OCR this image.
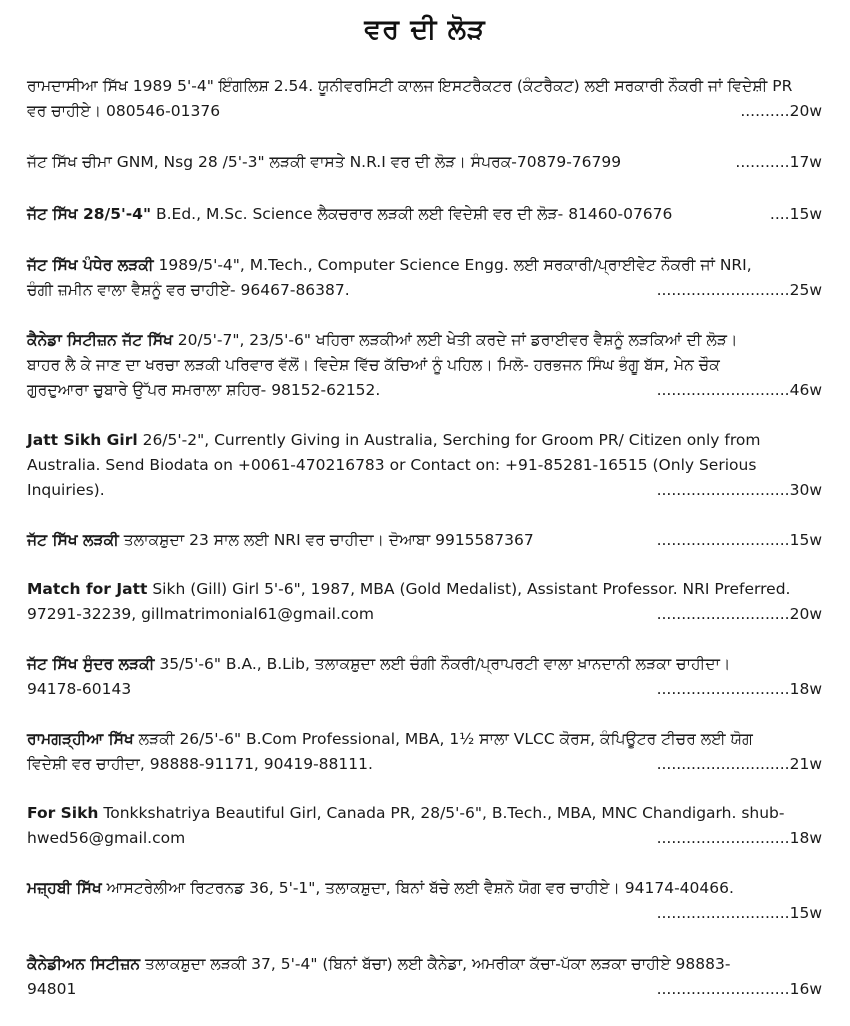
ਵਰ ਦੀ ਲੋੜ
ਰਾਮਦਾਸੀਆ ਸਿੱਖ 1989 5'-4" ਇੰਗਲਿਸ਼ 2.54. ਯੂਨੀਵਰਸਿਟੀ ਕਾਲਜ ਇਸਟਰੈਕਟਰ (ਕੰਟਰੈਕਟ) ਲਈ ਸਰਕਾਰੀ ਨੌਕਰੀ ਜਾਂ ਵਿਦੇਸ਼ੀ PR
ਵਰ ਚਾਹੀਏ। 080546-01376	..........20w
ਜੱਟ ਸਿੱਖ ਚੀਮਾ GNM, Nsg 28 /5'-3" ਲੜਕੀ ਵਾਸਤੇ N.R.I ਵਰ ਦੀ ਲੋੜ। ਸੰਪਰਕ-70879-76799	...........17w
ਜੱਟ ਸਿੱਖ 28/5'-4" B.Ed., M.Sc. Science ਲੈਕਚਰਾਰ ਲੜਕੀ ਲਈ ਵਿਦੇਸ਼ੀ ਵਰ ਦੀ ਲੋੜ- 81460-07676	....15w
ਜੱਟ ਸਿੱਖ ਪੰਧੇਰ ਲੜਕੀ 1989/5'-4", M.Tech., Computer Science Engg. ਲਈ ਸਰਕਾਰੀ/ਪ੍ਰਾਈਵੇਟ ਨੌਕਰੀ ਜਾਂ NRI,
ਚੰਗੀ ਜ਼ਮੀਨ ਵਾਲਾ ਵੈਸ਼ਨੂੰ ਵਰ ਚਾਹੀਏ- 96467-86387.	...........................25w
ਕੈਨੇਡਾ ਸਿਟੀਜ਼ਨ ਜੱਟ ਸਿੱਖ 20/5'-7", 23/5'-6" ਖਹਿਰਾ ਲੜਕੀਆਂ ਲਈ ਖੇਤੀ ਕਰਦੇ ਜਾਂ ਡਰਾਈਵਰ ਵੈਸ਼ਨੂੰ ਲੜਕਿਆਂ ਦੀ ਲੋੜ।
ਬਾਹਰ ਲੈ ਕੇ ਜਾਣ ਦਾ ਖਰਚਾ ਲੜਕੀ ਪਰਿਵਾਰ ਵੱਲੋਂ। ਵਿਦੇਸ਼ ਵਿੱਚ ਕੱਚਿਆਂ ਨੂੰ ਪਹਿਲ। ਮਿਲੋ- ਹਰਭਜਨ ਸਿੰਘ ਭੰਗੂ ਬੱਸ, ਮੇਨ ਚੌਕ
ਗੁਰਦੁਆਰਾ ਚੁਬਾਰੇ ਉੱਪਰ ਸਮਰਾਲਾ ਸ਼ਹਿਰ- 98152-62152.	...........................46w
Jatt Sikh Girl 26/5'-2", Currently Giving in Australia, Serching for Groom PR/ Citizen only from
Australia. Send Biodata on +0061-470216783 or Contact on: +91-85281-16515 (Only Serious
Inquiries).	...........................30w
ਜੱਟ ਸਿੱਖ ਲੜਕੀ ਤਲਾਕਸ਼ੁਦਾ 23 ਸਾਲ ਲਈ NRI ਵਰ ਚਾਹੀਦਾ। ਦੋਆਬਾ 9915587367	...........................15w
Match for Jatt Sikh (Gill) Girl 5'-6", 1987, MBA (Gold Medalist), Assistant Professor. NRI Preferred.
97291-32239, gillmatrimonial61@gmail.com	...........................20w
ਜੱਟ ਸਿੱਖ ਸੁੰਦਰ ਲੜਕੀ 35/5'-6" B.A., B.Lib, ਤਲਾਕਸ਼ੁਦਾ ਲਈ ਚੰਗੀ ਨੌਕਰੀ/ਪ੍ਰਾਪਰਟੀ ਵਾਲਾ ਖ਼ਾਨਦਾਨੀ ਲੜਕਾ ਚਾਹੀਦਾ।
94178-60143	...........................18w
ਰਾਮਗੜ੍ਹੀਆ ਸਿੱਖ ਲੜਕੀ 26/5'-6" B.Com Professional, MBA, 1½ ਸਾਲਾ VLCC ਕੋਰਸ, ਕੰਪਿਊਟਰ ਟੀਚਰ ਲਈ ਯੋਗ
ਵਿਦੇਸ਼ੀ ਵਰ ਚਾਹੀਦਾ, 98888-91171, 90419-88111.	...........................21w
For Sikh Tonkkshatriya Beautiful Girl, Canada PR, 28/5'-6", B.Tech., MBA, MNC Chandigarh. shub-
hwed56@gmail.com	...........................18w
ਮਜ਼੍ਹਬੀ ਸਿੱਖ ਆਸਟਰੇਲੀਆ ਰਿਟਰਨਡ 36, 5'-1", ਤਲਾਕਸ਼ੁਦਾ, ਬਿਨਾਂ ਬੱਚੇ ਲਈ ਵੈਸ਼ਨੋ ਯੋਗ ਵਰ ਚਾਹੀਏ। 94174-40466.
...........................15w
ਕੈਨੇਡੀਅਨ ਸਿਟੀਜ਼ਨ ਤਲਾਕਸ਼ੁਦਾ ਲੜਕੀ 37, 5'-4" (ਬਿਨਾਂ ਬੱਚਾ) ਲਈ ਕੈਨੇਡਾ, ਅਮਰੀਕਾ ਕੱਚਾ-ਪੱਕਾ ਲੜਕਾ ਚਾਹੀਏ 98883-
94801	...........................16w
